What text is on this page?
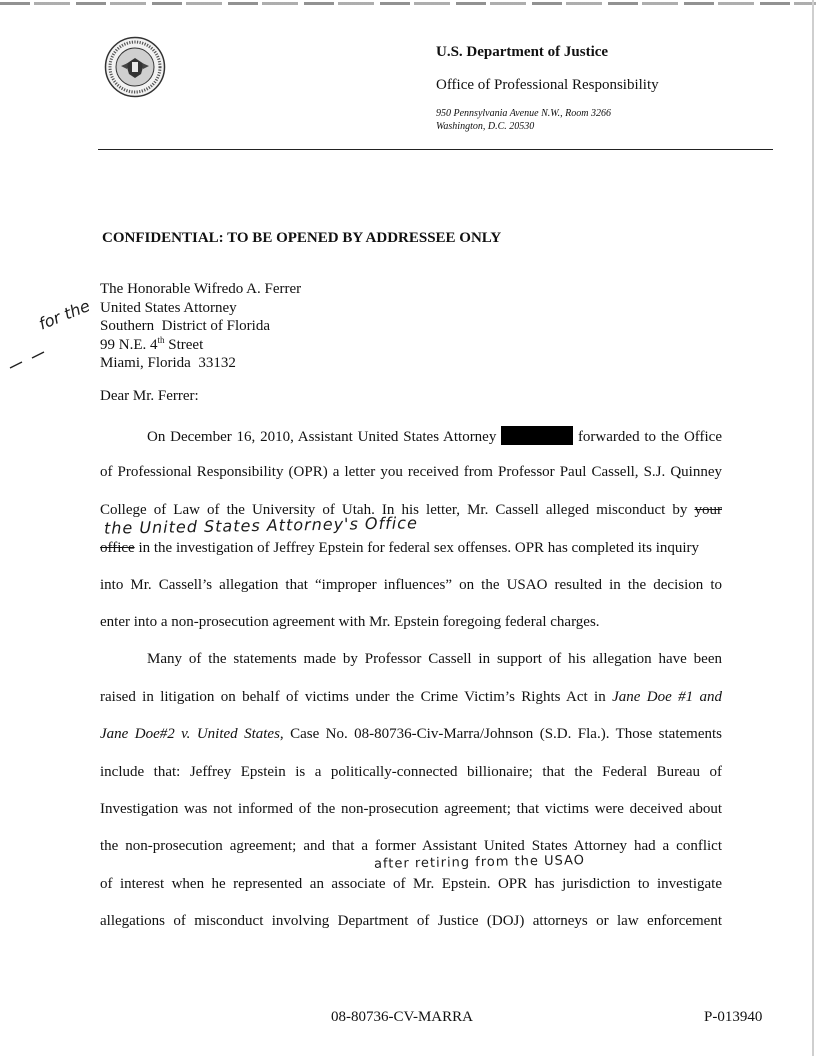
U.S. Department of Justice
Office of Professional Responsibility
950 Pennsylvania Avenue N.W., Room 3266
Washington, D.C. 20530
CONFIDENTIAL: TO BE OPENED BY ADDRESSEE ONLY
The Honorable Wifredo A. Ferrer
United States Attorney
Southern  District of Florida
99 N.E. 4th Street
Miami, Florida  33132
for the
Dear Mr. Ferrer:
On December 16, 2010, Assistant United States Attorney	forwarded to the Office
of Professional Responsibility (OPR) a letter you received from Professor Paul Cassell, S.J. Quinney
College of Law of the University of Utah. In his letter, Mr. Cassell alleged misconduct by your
the United States Attorney's Office
office in the investigation of Jeffrey Epstein for federal sex offenses. OPR has completed its inquiry
into Mr. Cassell’s allegation that “improper influences” on the USAO resulted in the decision to
enter into a non-prosecution agreement with Mr. Epstein foregoing federal charges.
Many of the statements made by Professor Cassell in support of his allegation have been
raised in litigation on behalf of victims under the Crime Victim’s Rights Act in Jane Doe #1 and
Jane Doe#2 v. United States, Case No. 08-80736-Civ-Marra/Johnson (S.D. Fla.). Those statements
include that: Jeffrey Epstein is a politically-connected billionaire; that the Federal Bureau of
Investigation was not informed of the non-prosecution agreement; that victims were deceived about
the non-prosecution agreement; and that a former Assistant United States Attorney had a conflict
after retiring from the USAO
of interest when he represented an associate of Mr. Epstein. OPR has jurisdiction to investigate
allegations of misconduct involving Department of Justice (DOJ) attorneys or law enforcement
08-80736-CV-MARRA	P-013940
